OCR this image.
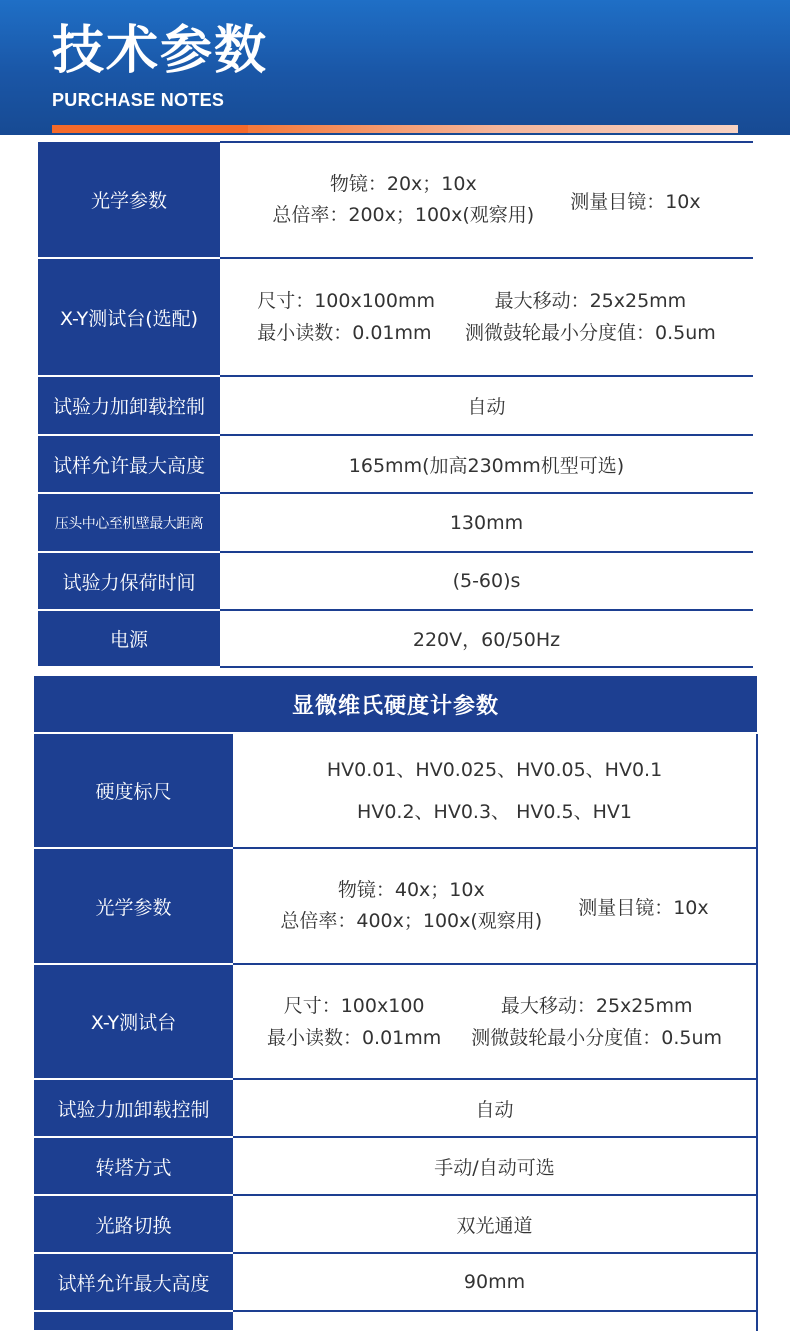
技术参数
PURCHASE NOTES
光学参数	物镜：20x；10x
总倍率：200x；100x(观察用)
测量目镜：10x

X-Y测试台(选配)	尺寸：100x100mm 最大移动：25x25mm
最小读数：0.01mm 测微鼓轮最小分度值：0.5um

试验力加卸载控制	自动
试样允许最大高度	165mm(加高230mm机型可选)
压头中心至机壁最大距离	130mm
试验力保荷时间	(5-60)s
电源	220V，60/50Hz
显微维氏硬度计参数	
硬度标尺	HV0.01、HV0.025、HV0.05、HV0.1
HV0.2、HV0.3、 HV0.5、HV1

光学参数	物镜：40x；10x
总倍率：400x；100x(观察用)
测量目镜：10x

X-Y测试台	尺寸：100x100 最大移动：25x25mm
最小读数：0.01mm 测微鼓轮最小分度值：0.5um

试验力加卸载控制	自动
转塔方式	手动/自动可选
光路切换	双光通道
试样允许最大高度	90mm
